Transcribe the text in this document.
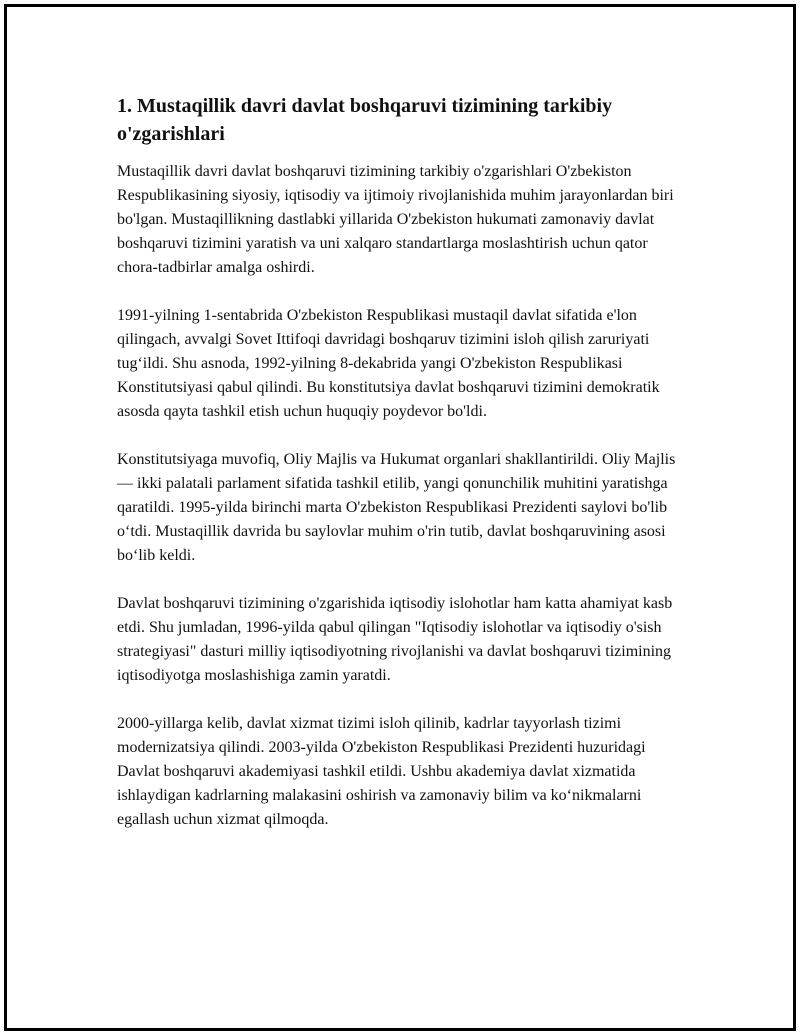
1. Mustaqillik davri davlat boshqaruvi tizimining tarkibiy o'zgarishlari

Mustaqillik davri davlat boshqaruvi tizimining tarkibiy o'zgarishlari O'zbekiston Respublikasining siyosiy, iqtisodiy va ijtimoiy rivojlanishida muhim jarayonlardan biri bo'lgan. Mustaqillikning dastlabki yillarida O'zbekiston hukumati zamonaviy davlat boshqaruvi tizimini yaratish va uni xalqaro standartlarga moslashtirish uchun qator chora-tadbirlar amalga oshirdi.

1991-yilning 1-sentabrida O'zbekiston Respublikasi mustaqil davlat sifatida e'lon qilingach, avvalgi Sovet Ittifoqi davridagi boshqaruv tizimini isloh qilish zaruriyati tug‘ildi. Shu asnoda, 1992-yilning 8-dekabrida yangi O'zbekiston Respublikasi Konstitutsiyasi qabul qilindi. Bu konstitutsiya davlat boshqaruvi tizimini demokratik asosda qayta tashkil etish uchun huquqiy poydevor bo'ldi.

Konstitutsiyaga muvofiq, Oliy Majlis va Hukumat organlari shakllantirildi. Oliy Majlis — ikki palatali parlament sifatida tashkil etilib, yangi qonunchilik muhitini yaratishga qaratildi. 1995-yilda birinchi marta O'zbekiston Respublikasi Prezidenti saylovi bo'lib o‘tdi. Mustaqillik davrida bu saylovlar muhim o'rin tutib, davlat boshqaruvining asosi bo‘lib keldi.

Davlat boshqaruvi tizimining o'zgarishida iqtisodiy islohotlar ham katta ahamiyat kasb etdi. Shu jumladan, 1996-yilda qabul qilingan "Iqtisodiy islohotlar va iqtisodiy o'sish strategiyasi" dasturi milliy iqtisodiyotning rivojlanishi va davlat boshqaruvi tizimining iqtisodiyotga moslashishiga zamin yaratdi.

2000-yillarga kelib, davlat xizmat tizimi isloh qilinib, kadrlar tayyorlash tizimi modernizatsiya qilindi. 2003-yilda O'zbekiston Respublikasi Prezidenti huzuridagi Davlat boshqaruvi akademiyasi tashkil etildi. Ushbu akademiya davlat xizmatida ishlaydigan kadrlarning malakasini oshirish va zamonaviy bilim va ko‘nikmalarni egallash uchun xizmat qilmoqda.
